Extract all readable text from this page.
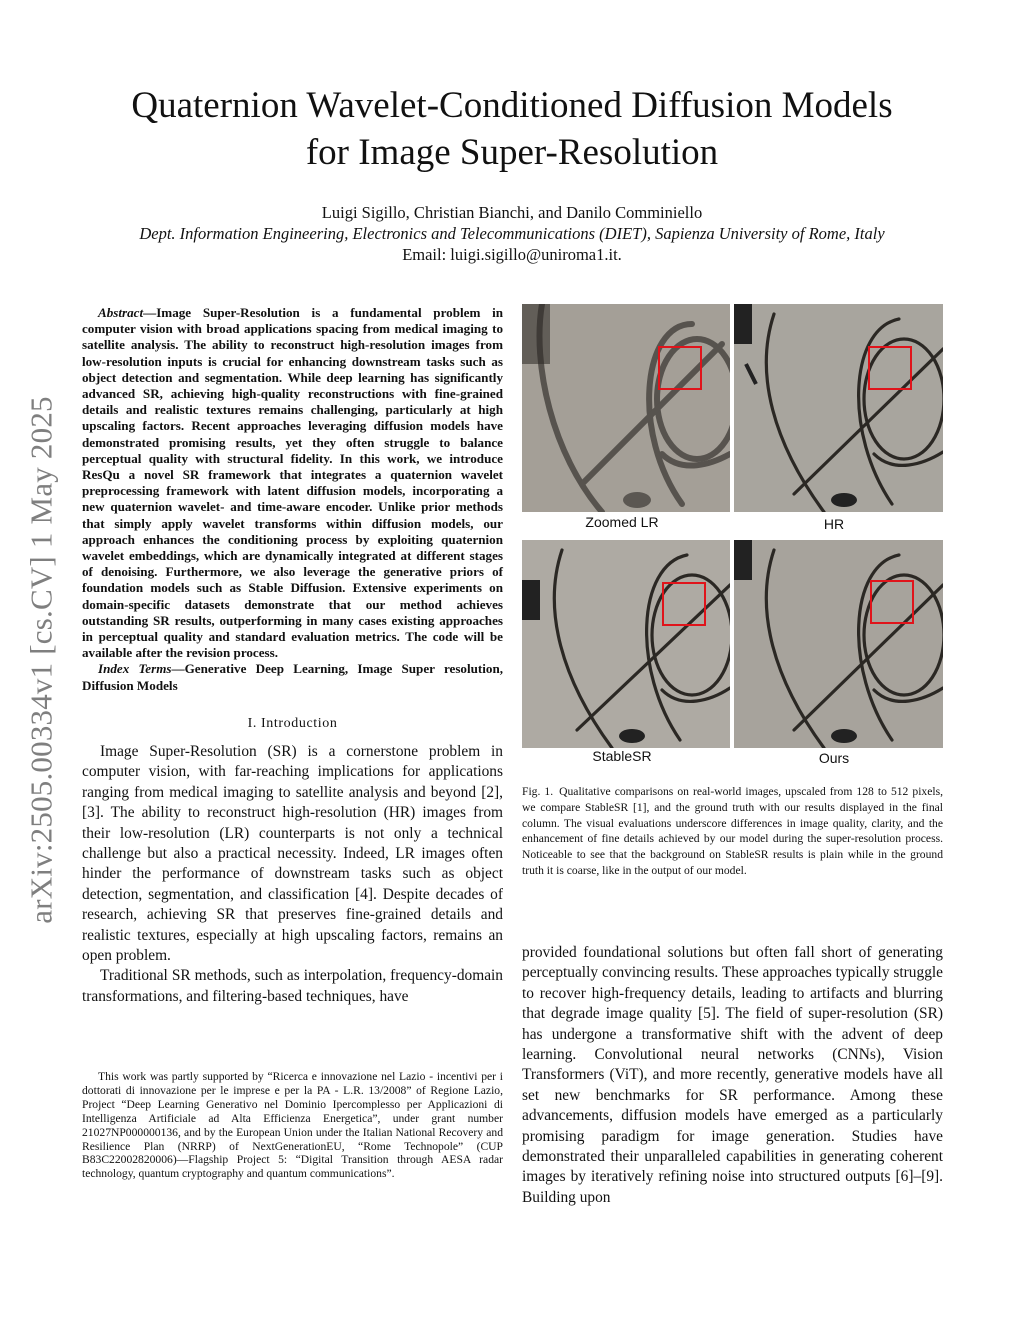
arXiv:2505.00334v1 [cs.CV] 1 May 2025
Quaternion Wavelet-Conditioned Diffusion Models
for Image Super-Resolution
Luigi Sigillo, Christian Bianchi, and Danilo Comminiello
Dept. Information Engineering, Electronics and Telecommunications (DIET), Sapienza University of Rome, Italy
Email: luigi.sigillo@uniroma1.it.

Abstract—Image Super-Resolution is a fundamental problem in computer vision with broad applications spacing from medical imaging to satellite analysis. The ability to reconstruct high-resolution images from low-resolution inputs is crucial for enhancing downstream tasks such as object detection and segmentation. While deep learning has significantly advanced SR, achieving high-quality reconstructions with fine-grained details and realistic textures remains challenging, particularly at high upscaling factors. Recent approaches leveraging diffusion models have demonstrated promising results, yet they often struggle to balance perceptual quality with structural fidelity. In this work, we introduce ResQu a novel SR framework that integrates a quaternion wavelet preprocessing framework with latent diffusion models, incorporating a new quaternion wavelet- and time-aware encoder. Unlike prior methods that simply apply wavelet transforms within diffusion models, our approach enhances the conditioning process by exploiting quaternion wavelet embeddings, which are dynamically integrated at different stages of denoising. Furthermore, we also leverage the generative priors of foundation models such as Stable Diffusion. Extensive experiments on domain-specific datasets demonstrate that our method achieves outstanding SR results, outperforming in many cases existing approaches in perceptual quality and standard evaluation metrics. The code will be available after the revision process.

Index Terms—Generative Deep Learning, Image Super resolution, Diffusion Models

I. Introduction

Image Super-Resolution (SR) is a cornerstone problem in computer vision, with far-reaching implications for applications ranging from medical imaging to satellite analysis and beyond [2], [3]. The ability to reconstruct high-resolution (HR) images from their low-resolution (LR) counterparts is not only a technical challenge but also a practical necessity. Indeed, LR images often hinder the performance of downstream tasks such as object detection, segmentation, and classification [4]. Despite decades of research, achieving SR that preserves fine-grained details and realistic textures, especially at high upscaling factors, remains an open problem.

Traditional SR methods, such as interpolation, frequency-domain transformations, and filtering-based techniques, have

This work was partly supported by “Ricerca e innovazione nel Lazio - incentivi per i dottorati di innovazione per le imprese e per la PA - L.R. 13/2008” of Regione Lazio, Project “Deep Learning Generativo nel Dominio Ipercomplesso per Applicazioni di Intelligenza Artificiale ad Alta Efficienza Energetica”, under grant number 21027NP000000136, and by the European Union under the Italian National Recovery and Resilience Plan (NRRP) of NextGenerationEU, “Rome Technopole” (CUP B83C22002820006)—Flagship Project 5: “Digital Transition through AESA radar technology, quantum cryptography and quantum communications”.

Zoomed LR	HR
StableSR	Ours

Fig. 1. Qualitative comparisons on real-world images, upscaled from 128 to 512 pixels, we compare StableSR [1], and the ground truth with our results displayed in the final column. The visual evaluations underscore differences in image quality, clarity, and the enhancement of fine details achieved by our model during the super-resolution process. Noticeable to see that the background on StableSR results is plain while in the ground truth it is coarse, like in the output of our model.

provided foundational solutions but often fall short of generating perceptually convincing results. These approaches typically struggle to recover high-frequency details, leading to artifacts and blurring that degrade image quality [5]. The field of super-resolution (SR) has undergone a transformative shift with the advent of deep learning. Convolutional neural networks (CNNs), Vision Transformers (ViT), and more recently, generative models have all set new benchmarks for SR performance. Among these advancements, diffusion models have emerged as a particularly promising paradigm for image generation. Studies have demonstrated their unparalleled capabilities in generating coherent images by iteratively refining noise into structured outputs [6]–[9]. Building upon
